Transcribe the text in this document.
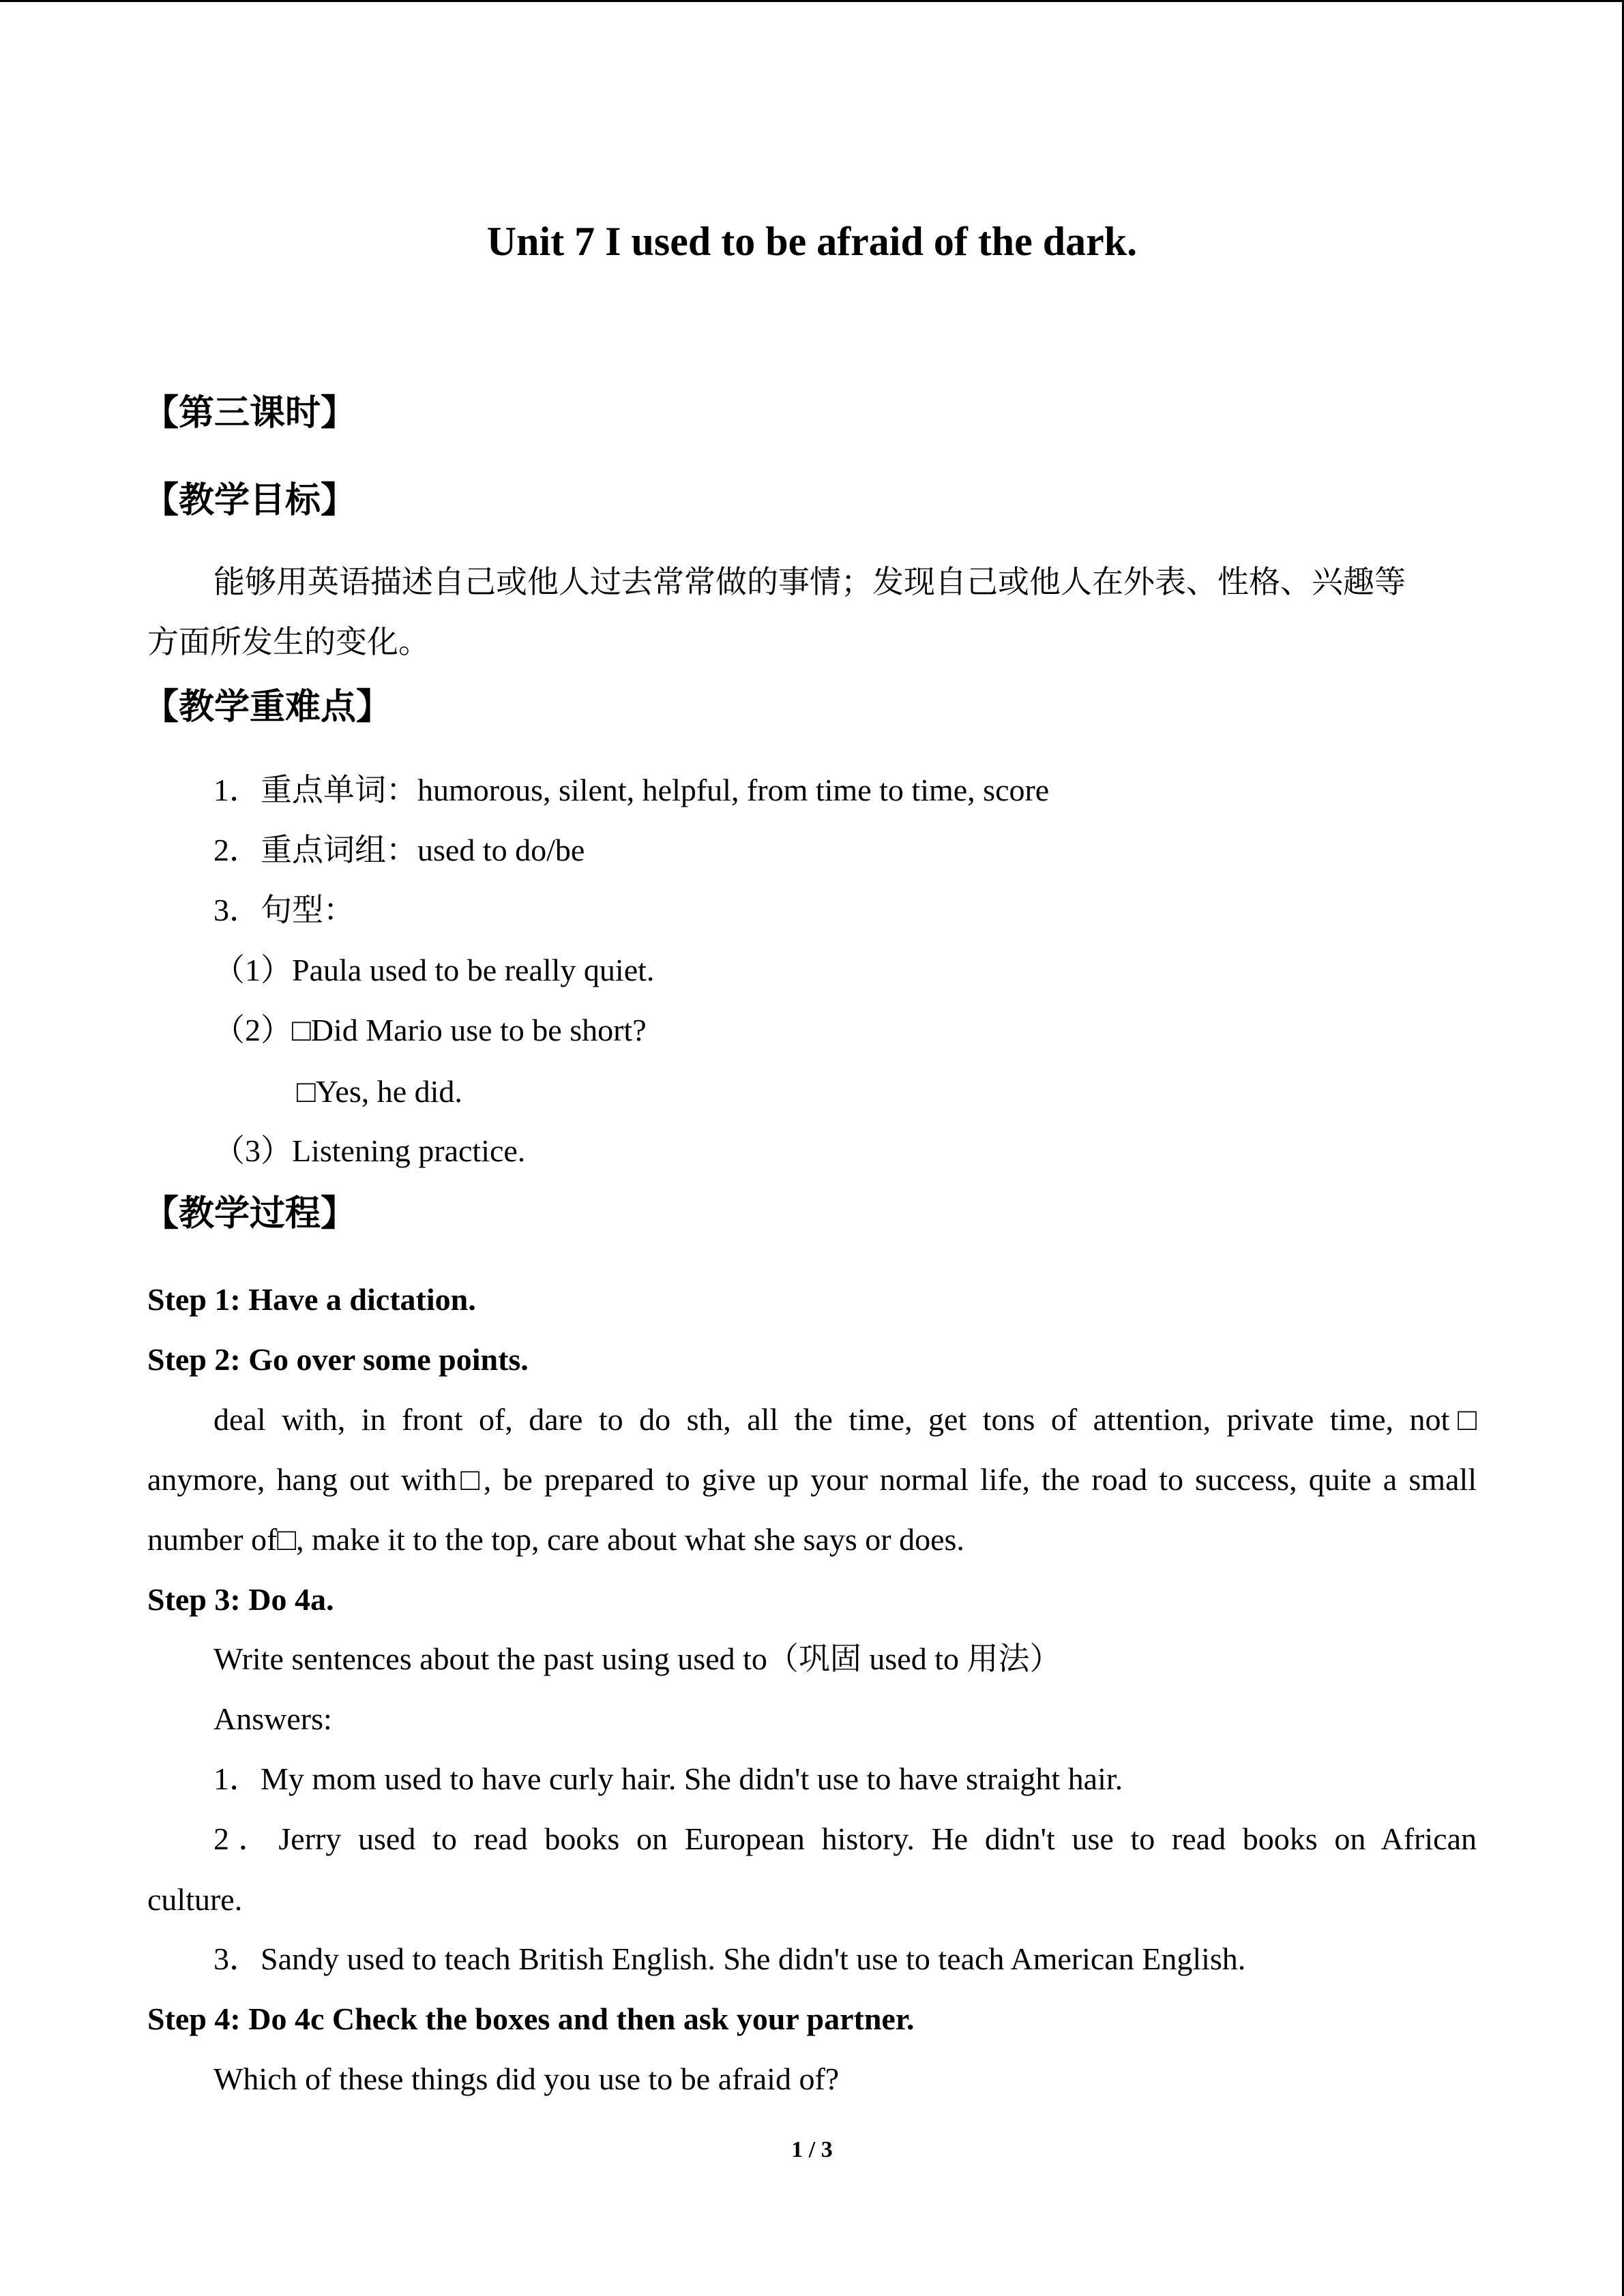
Unit 7 I used to be afraid of the dark.
【第三课时】
【教学目标】
能够用英语描述自己或他人过去常常做的事情；发现自己或他人在外表、性格、兴趣等
方面所发生的变化。
【教学重难点】
1．重点单词：humorous, silent, helpful, from time to time, score
2．重点词组：used to do/be
3．句型：
（1）Paula used to be really quiet.
（2）□Did Mario use to be short?
□Yes, he did.
（3）Listening practice.
【教学过程】
Step 1: Have a dictation.
Step 2: Go over some points.
deal with, in front of, dare to do sth, all the time, get tons of attention, private time, not□
anymore, hang out with□, be prepared to give up your normal life, the road to success, quite a small
number of□, make it to the top, care about what she says or does.
Step 3: Do 4a.
Write sentences about the past using used to（巩固 used to 用法）
Answers:
1．My mom used to have curly hair. She didn't use to have straight hair.
2．Jerry used to read books on European history. He didn't use to read books on African
culture.
3．Sandy used to teach British English. She didn't use to teach American English.
Step 4: Do 4c Check the boxes and then ask your partner.
Which of these things did you use to be afraid of?
1 / 3
